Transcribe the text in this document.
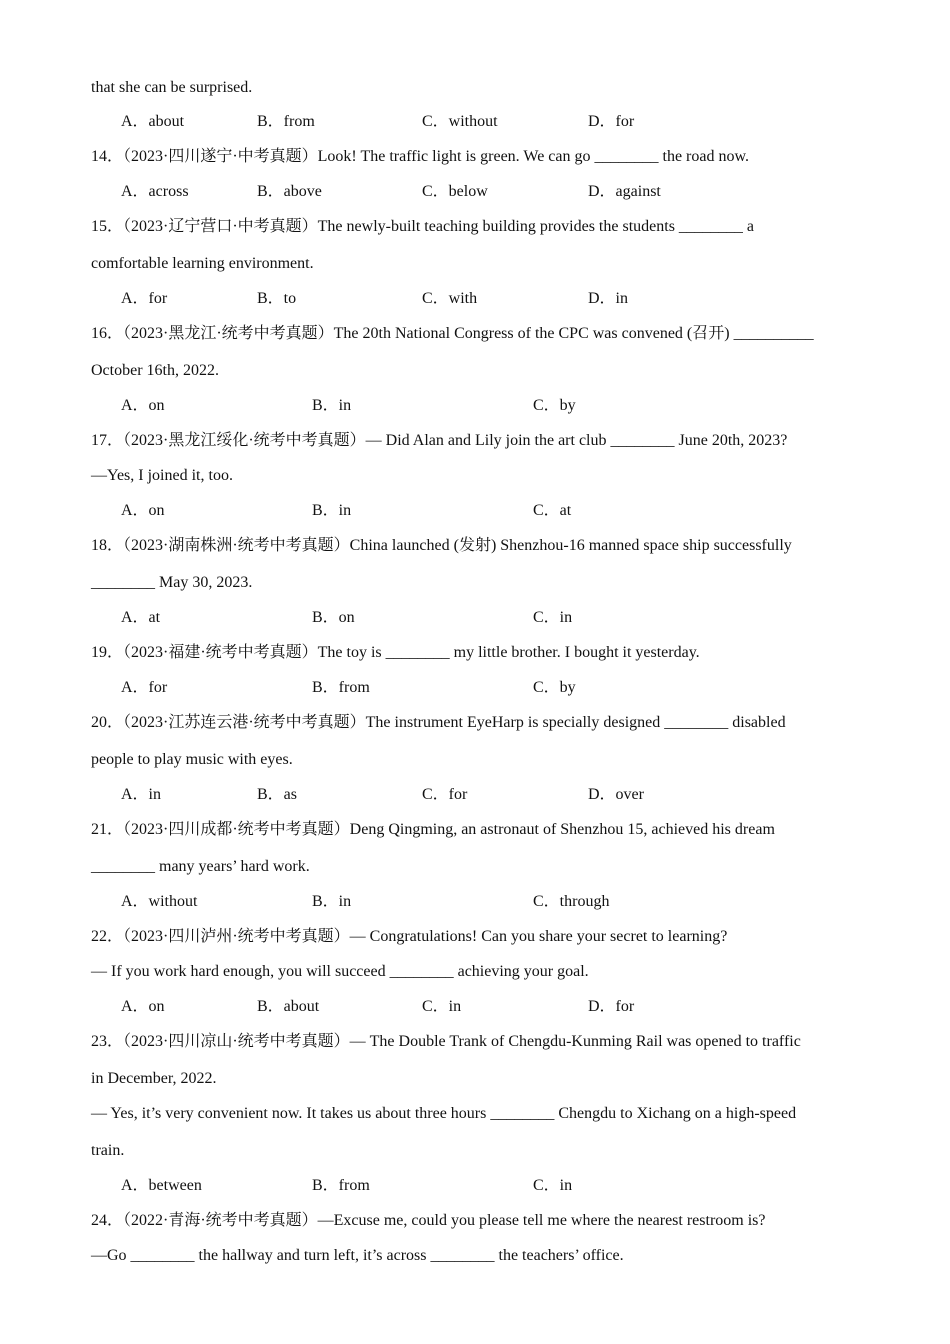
that she can be surprised.
A．about	B．from	C．without	D．for
14．（2023·四川遂宁·中考真题）Look! The traffic light is green. We can go ________ the road now.
A．across	B．above	C．below	D．against
15．（2023·辽宁营口·中考真题）The newly-built teaching building provides the students ________ a
comfortable learning environment.
A．for	B．to	C．with	D．in
16．（2023·黑龙江·统考中考真题）The 20th National Congress of the CPC was convened (召开) __________
October 16th, 2022.
A．on	B．in	C．by
17．（2023·黑龙江绥化·统考中考真题）— Did Alan and Lily join the art club ________ June 20th, 2023?
—Yes, I joined it, too.
A．on	B．in	C．at
18．（2023·湖南株洲·统考中考真题）China launched (发射) Shenzhou-16 manned space ship successfully
________ May 30, 2023.
A．at	B．on	C．in
19．（2023·福建·统考中考真题）The toy is ________ my little brother. I bought it yesterday.
A．for	B．from	C．by
20．（2023·江苏连云港·统考中考真题）The instrument EyeHarp is specially designed ________ disabled
people to play music with eyes.
A．in	B．as	C．for	D．over
21．（2023·四川成都·统考中考真题）Deng Qingming, an astronaut of Shenzhou 15, achieved his dream
________ many years’ hard work.
A．without	B．in	C．through
22．（2023·四川泸州·统考中考真题）— Congratulations! Can you share your secret to learning?
— If you work hard enough, you will succeed ________ achieving your goal.
A．on	B．about	C．in	D．for
23．（2023·四川凉山·统考中考真题）— The Double Trank of Chengdu-Kunming Rail was opened to traffic
in December, 2022.
— Yes, it’s very convenient now. It takes us about three hours ________ Chengdu to Xichang on a high-speed
train.
A．between	B．from	C．in
24．（2022·青海·统考中考真题）—Excuse me, could you please tell me where the nearest restroom is?
—Go ________ the hallway and turn left, it’s across ________ the teachers’ office.
